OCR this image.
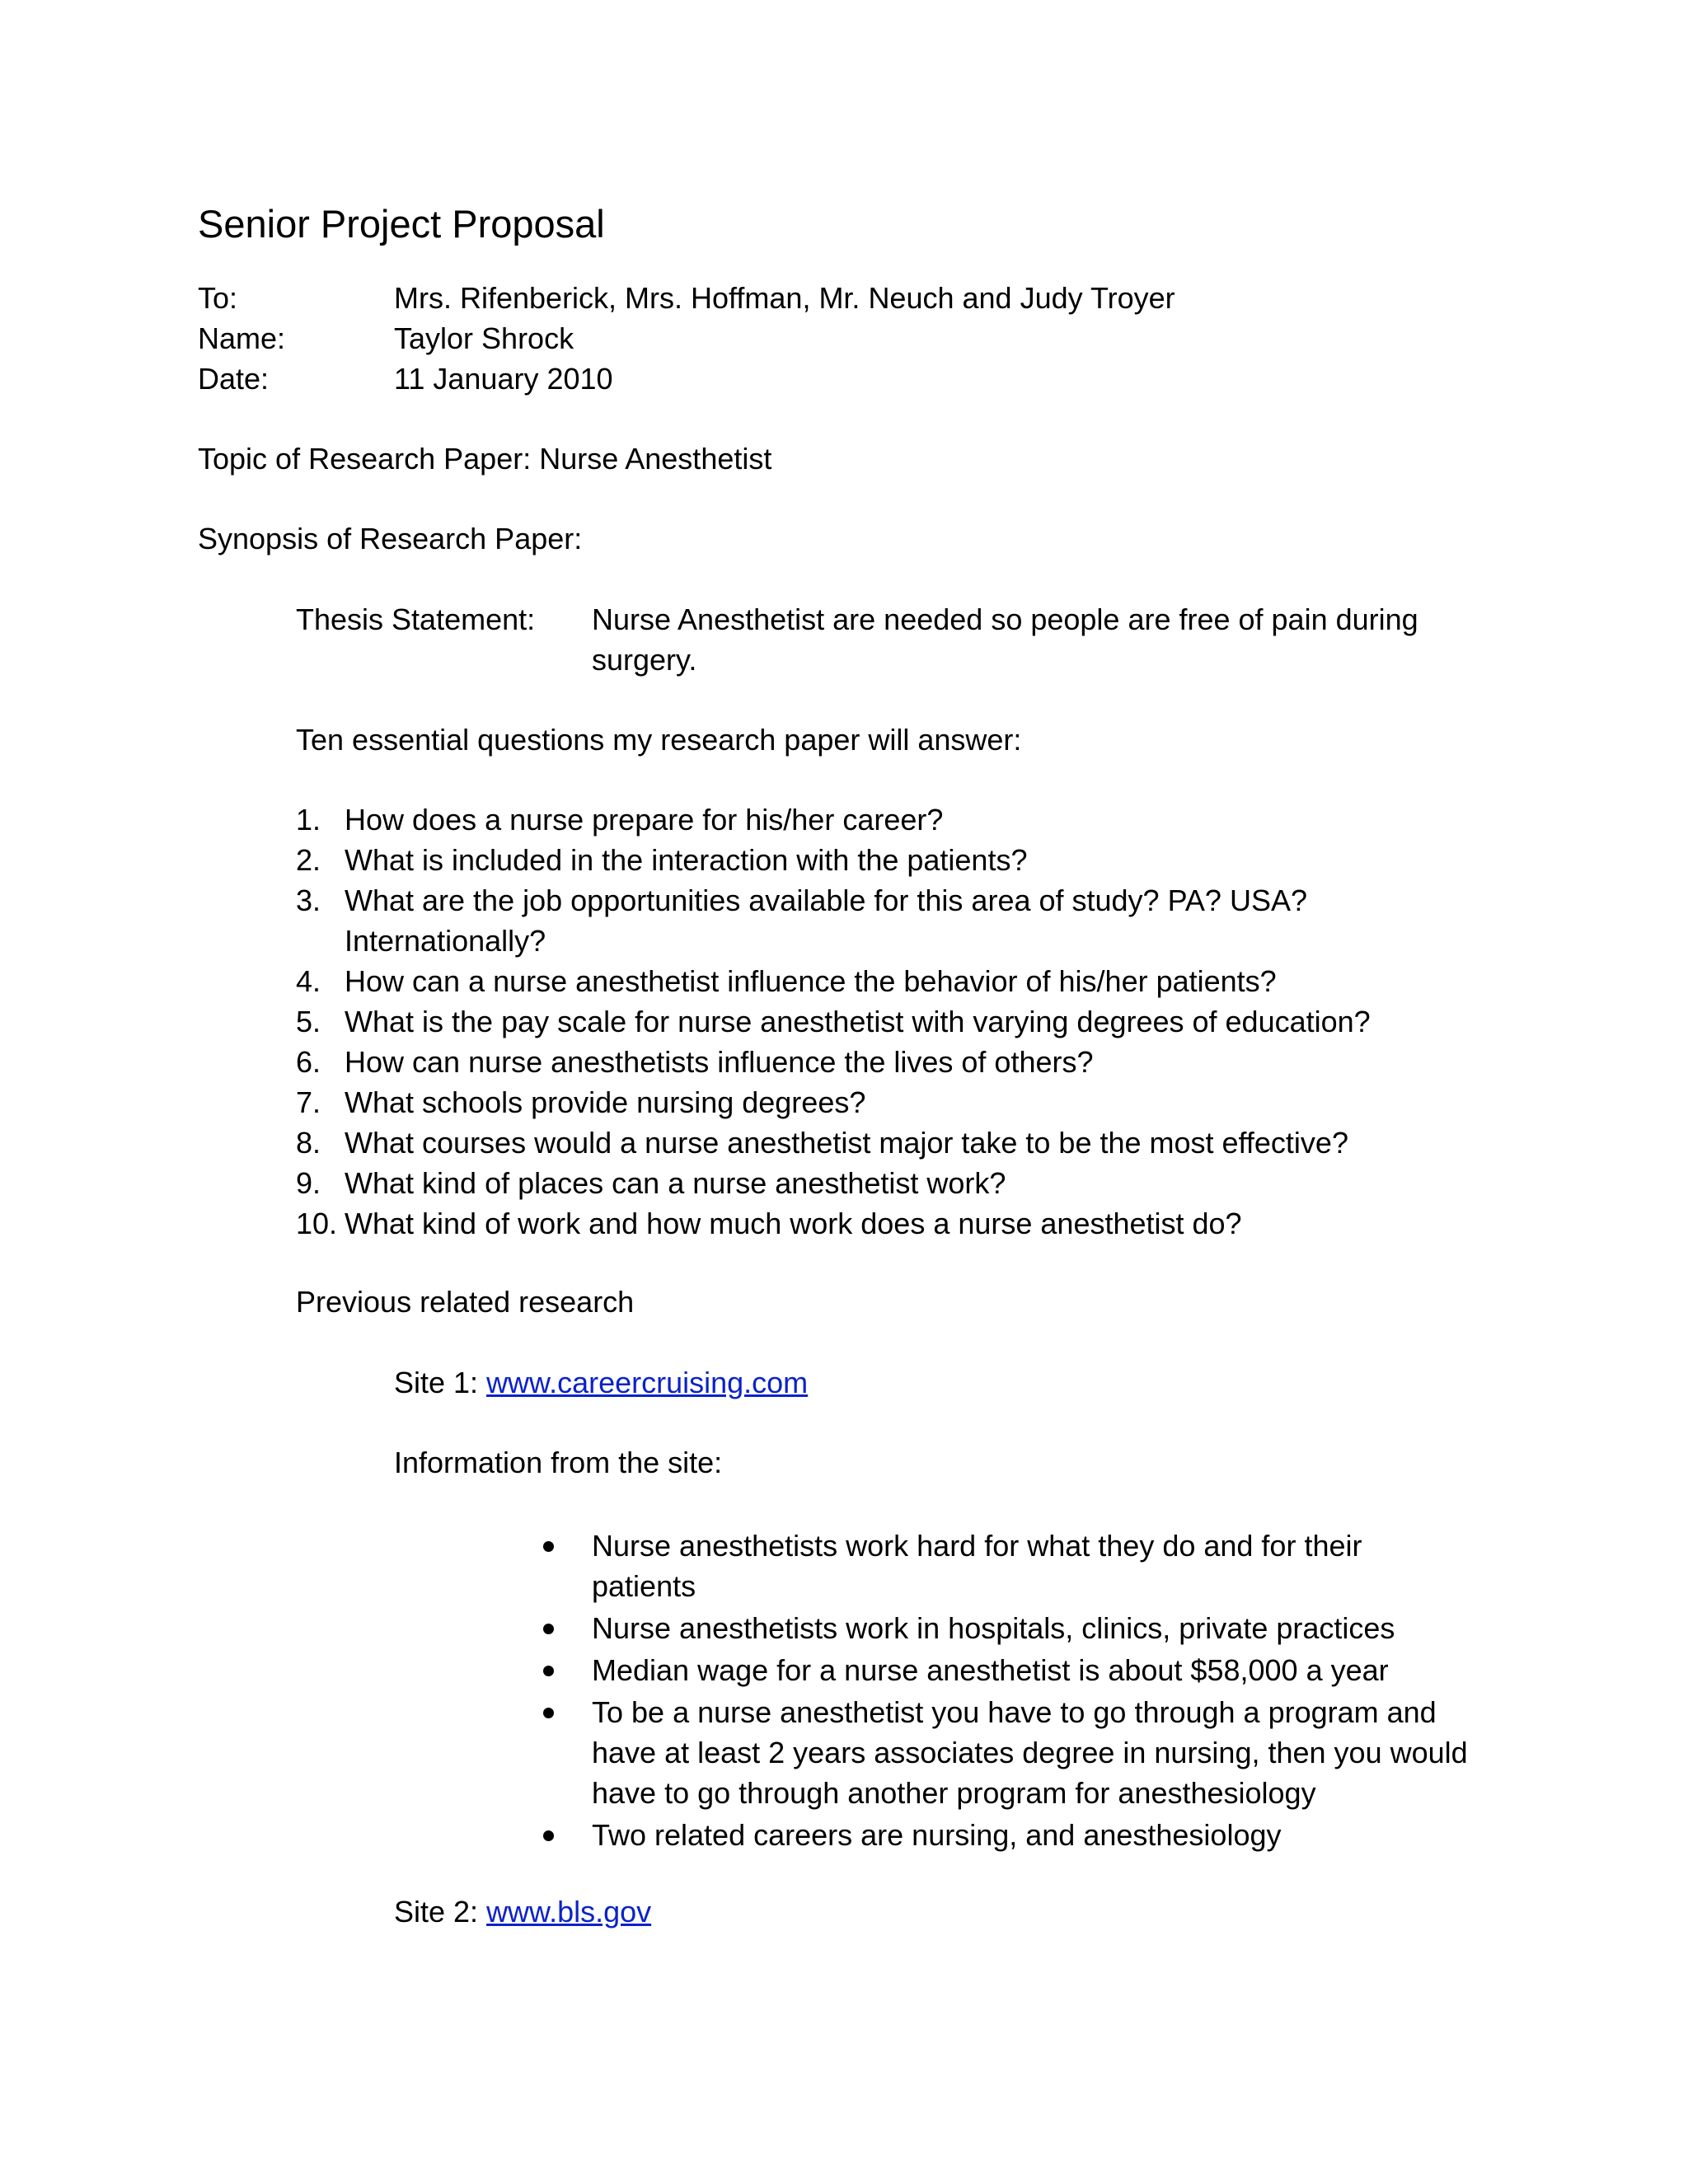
Senior Project Proposal
To:	Mrs. Rifenberick, Mrs. Hoffman, Mr. Neuch and Judy Troyer
Name:	Taylor Shrock
Date:	11 January 2010
Topic of Research Paper: Nurse Anesthetist
Synopsis of Research Paper:
Thesis Statement: Nurse Anesthetist are needed so people are free of pain during
surgery.
Ten essential questions my research paper will answer:
1. How does a nurse prepare for his/her career?
2. What is included in the interaction with the patients?
3. What are the job opportunities available for this area of study? PA? USA?
Internationally?
4. How can a nurse anesthetist influence the behavior of his/her patients?
5. What is the pay scale for nurse anesthetist with varying degrees of education?
6. How can nurse anesthetists influence the lives of others?
7. What schools provide nursing degrees?
8. What courses would a nurse anesthetist major take to be the most effective?
9. What kind of places can a nurse anesthetist work?
10. What kind of work and how much work does a nurse anesthetist do?
Previous related research
Site 1: www.careercruising.com
Information from the site:
Nurse anesthetists work hard for what they do and for their
patients
Nurse anesthetists work in hospitals, clinics, private practices
Median wage for a nurse anesthetist is about $58,000 a year
To be a nurse anesthetist you have to go through a program and
have at least 2 years associates degree in nursing, then you would
have to go through another program for anesthesiology
Two related careers are nursing, and anesthesiology
Site 2: www.bls.gov
